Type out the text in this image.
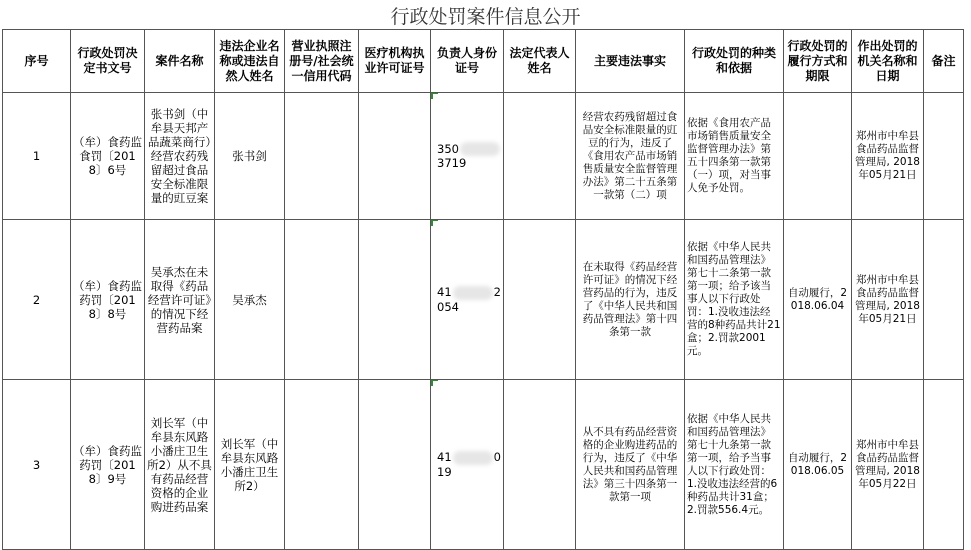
行政处罚案件信息公开
序号	行政处罚决定书文号	案件名称	违法企业名称或违法自然人姓名	营业执照注册号/社会统一信用代码	医疗机构执业许可证号	负责人身份证号	法定代表人姓名	主要违法事实	行政处罚的种类和依据	行政处罚的履行方式和期限	作出处罚的机关名称和日期	备注
1	（牟）食药监食罚〔2018〕6号	张书剑（中牟县天邦产品蔬菜商行）经营农药残留超过食品安全标准限量的豇豆案	张书剑			3503719		经营农药残留超过食品安全标准限量的豇豆的行为，违反了《食用农产品市场销售质量安全监督管理办法》第二十五条第一款第（二）项	依据《食用农产品市场销售质量安全监督管理办法》第五十四条第一款第（一）项，对当事人免予处罚。		郑州市中牟县食品药品监督管理局, 2018年05月21日	
2	（牟）食药监药罚〔2018〕8号	吴承杰在未取得《药品经营许可证》的情况下经营药品案	吴承杰			41 2054		在未取得《药品经营许可证》的情况下经营药品的行为，违反了《中华人民共和国药品管理法》第十四条第一款	依据《中华人民共和国药品管理法》第七十二条第一款第一项；给予该当事人以下行政处罚：1.没收违法经营的8种药品共计21盒；2.罚款2001元。	自动履行，2018.06.04	郑州市中牟县食品药品监督管理局, 2018年05月21日	
3	（牟）食药监药罚〔2018〕9号	刘长军（中牟县东风路小潘庄卫生所2）从不具有药品经营资格的企业购进药品案	刘长军（中牟县东风路小潘庄卫生所2）			41 019		从不具有药品经营资格的企业购进药品的行为，违反了《中华人民共和国药品管理法》第三十四条第一款第一项	依据《中华人民共和国药品管理法》第七十九条第一款第一项，给予当事人以下行政处罚：1.没收违法经营的6种药品共计31盒；2.罚款556.4元。	自动履行，2018.06.05	郑州市中牟县食品药品监督管理局, 2018年05月22日	
